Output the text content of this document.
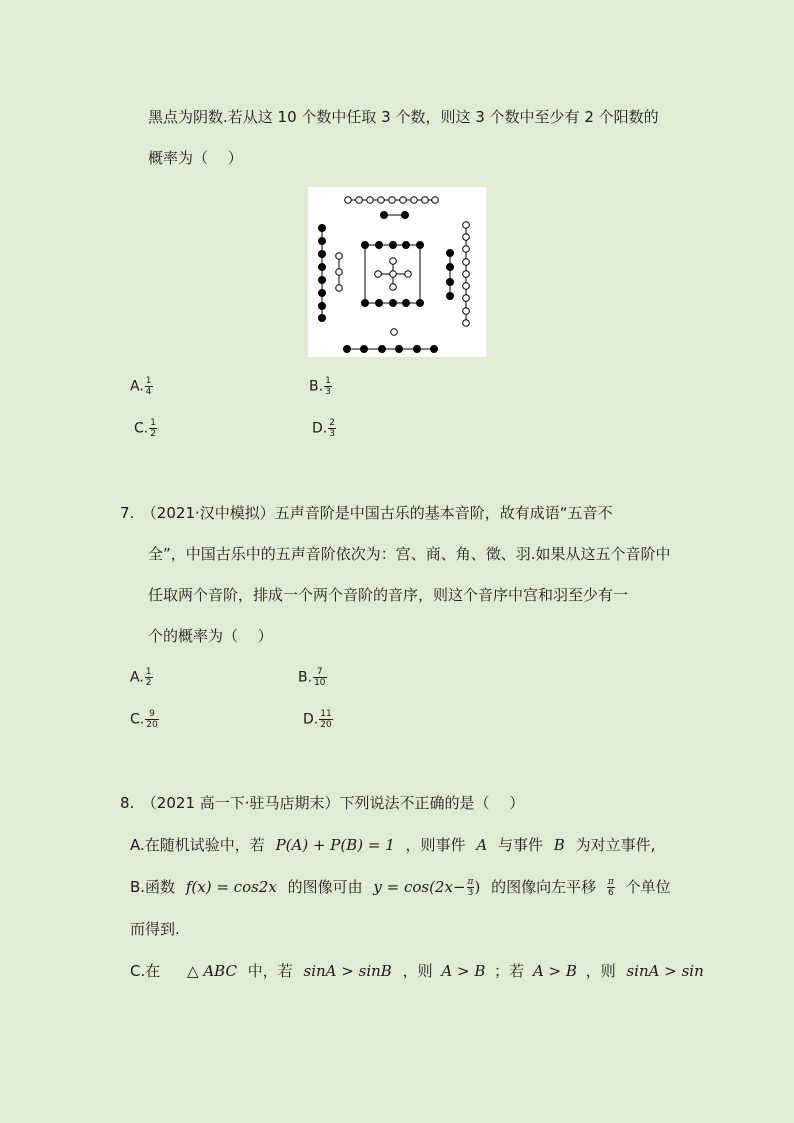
黑点为阴数.若从这 10 个数中任取 3 个数，则这 3 个数中至少有 2 个阳数的
概率为（　 ）
A. $\frac{1}{4}$	B. $\frac{1}{3}$
C. $\frac{1}{2}$	D. $\frac{2}{3}$
7.　（2021·汉中模拟）五声音阶是中国古乐的基本音阶，故有成语“五音不
全”，中国古乐中的五声音阶依次为：宫、商、角、徵、羽.如果从这五个音阶中
任取两个音阶，排成一个两个音阶的音序，则这个音序中宫和羽至少有一
个的概率为（　 ）
A. $\frac{1}{2}$	B. $\frac{7}{10}$
C. $\frac{9}{20}$	D. $\frac{11}{20}$
8.　（2021 高一下·驻马店期末）下列说法不正确的是（　 ）
A.在随机试验中，若 P(A) + P(B) = 1 ，则事件 A 与事件 B 为对立事件,
B.函数 f(x) = cos2x 的图像可由 $y = \cos(2x- \frac{\pi}{3}$ ) 的图像向左平移 $\frac{\pi}{6}$ 个单位
而得到.
C.在 △ ABC 中，若 sinA > sinB ，则 A > B ；若 A > B ，则 sinA > sin
